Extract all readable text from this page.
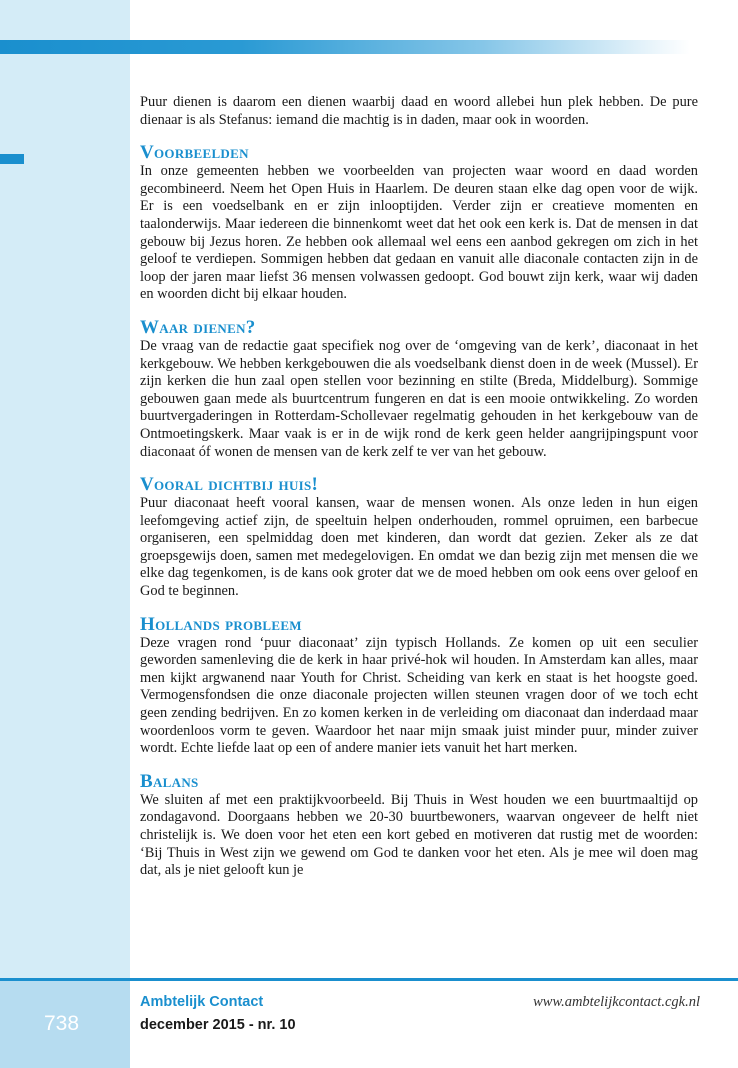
Puur dienen is daarom een dienen waarbij daad en woord allebei hun plek hebben. De pure dienaar is als Stefanus: iemand die machtig is in daden, maar ook in woorden.

Voorbeelden

In onze gemeenten hebben we voorbeelden van projecten waar woord en daad worden gecombineerd. Neem het Open Huis in Haarlem. De deuren staan elke dag open voor de wijk. Er is een voedselbank en er zijn inlooptijden. Verder zijn er creatieve momenten en taalonderwijs. Maar iedereen die binnenkomt weet dat het ook een kerk is. Dat de mensen in dat gebouw bij Jezus horen. Ze hebben ook allemaal wel eens een aanbod gekregen om zich in het geloof te verdiepen. Sommigen hebben dat gedaan en vanuit alle diaconale contacten zijn in de loop der jaren maar liefst 36 mensen volwassen gedoopt. God bouwt zijn kerk, waar wij daden en woorden dicht bij elkaar houden.

Waar dienen?

De vraag van de redactie gaat specifiek nog over de ‘omgeving van de kerk’, diaconaat in het kerkgebouw. We hebben kerkgebouwen die als voedselbank dienst doen in de week (Mussel). Er zijn kerken die hun zaal open stellen voor bezinning en stilte (Breda, Middelburg). Sommige gebouwen gaan mede als buurtcentrum fungeren en dat is een mooie ontwikkeling. Zo worden buurtvergaderingen in Rotterdam-Schollevaer regelmatig gehouden in het kerkgebouw van de Ontmoetingskerk. Maar vaak is er in de wijk rond de kerk geen helder aangrijpingspunt voor diaconaat óf wonen de mensen van de kerk zelf te ver van het gebouw.

Vooral dichtbij huis!

Puur diaconaat heeft vooral kansen, waar de mensen wonen. Als onze leden in hun eigen leefomgeving actief zijn, de speeltuin helpen onderhouden, rommel opruimen, een barbecue organiseren, een spelmiddag doen met kinderen, dan wordt dat gezien. Zeker als ze dat groepsgewijs doen, samen met medegelovigen. En omdat we dan bezig zijn met mensen die we elke dag tegenkomen, is de kans ook groter dat we de moed hebben om ook eens over geloof en God te beginnen.

Hollands probleem

Deze vragen rond ‘puur diaconaat’ zijn typisch Hollands. Ze komen op uit een seculier geworden samenleving die de kerk in haar privé-hok wil houden. In Amsterdam kan alles, maar men kijkt argwanend naar Youth for Christ. Scheiding van kerk en staat is het hoogste goed. Vermogensfondsen die onze diaconale projecten willen steunen vragen door of we toch echt geen zending bedrijven. En zo komen kerken in de verleiding om diaconaat dan inderdaad maar woordenloos vorm te geven. Waardoor het naar mijn smaak juist minder puur, minder zuiver wordt. Echte liefde laat op een of andere manier iets vanuit het hart merken.

Balans

We sluiten af met een praktijkvoorbeeld. Bij Thuis in West houden we een buurtmaaltijd op zondagavond. Doorgaans hebben we 20-30 buurtbewoners, waarvan ongeveer de helft niet christelijk is. We doen voor het eten een kort gebed en motiveren dat rustig met de woorden: ‘Bij Thuis in West zijn we gewend om God te danken voor het eten. Als je mee wil doen mag dat, als je niet gelooft kun je

738
Ambtelijk Contact
december 2015 - nr. 10
www.ambtelijkcontact.cgk.nl
